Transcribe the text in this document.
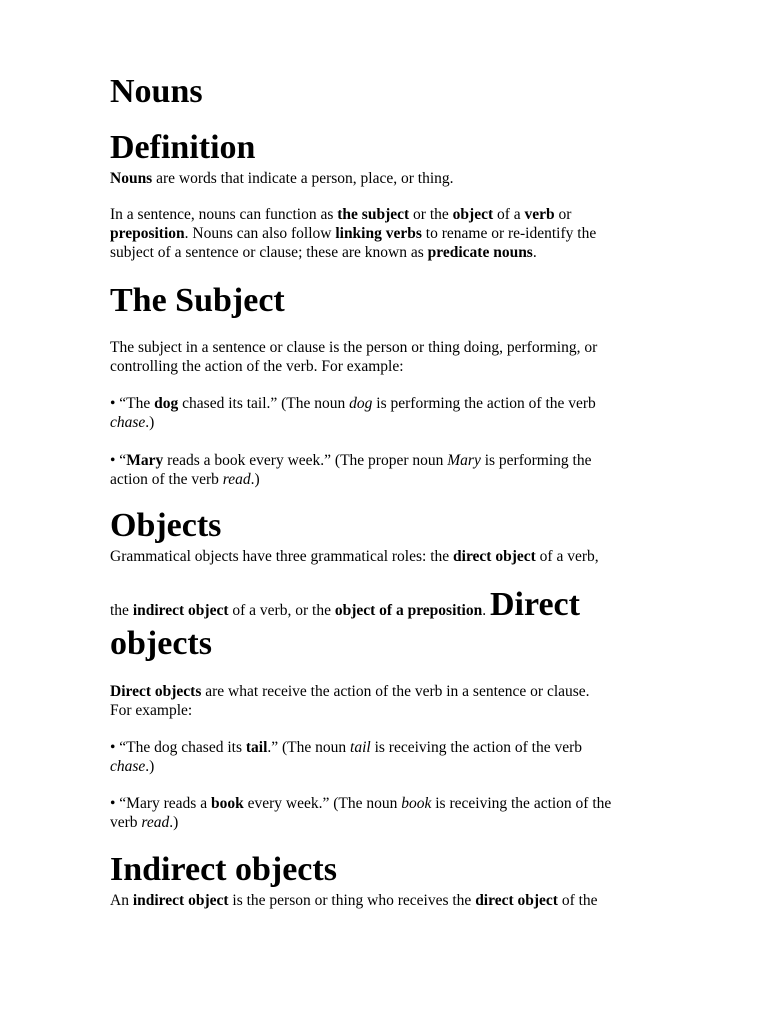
Nouns
Definition

Nouns are words that indicate a person, place, or thing.

In a sentence, nouns can function as the subject or the object of a verb or

preposition. Nouns can also follow linking verbs to rename or re-identify the

subject of a sentence or clause; these are known as predicate nouns.

The Subject

The subject in a sentence or clause is the person or thing doing, performing, or

controlling the action of the verb. For example:

• “The dog chased its tail.” (The noun dog is performing the action of the verb

chase.)

• “Mary reads a book every week.” (The proper noun Mary is performing the

action of the verb read.)

Objects

Grammatical objects have three grammatical roles: the direct object of a verb,

the indirect object of a verb, or the object of a preposition. Direct

objects

Direct objects are what receive the action of the verb in a sentence or clause.

For example:

• “The dog chased its tail.” (The noun tail is receiving the action of the verb

chase.)

• “Mary reads a book every week.” (The noun book is receiving the action of the

verb read.)

Indirect objects

An indirect object is the person or thing who receives the direct object of the
